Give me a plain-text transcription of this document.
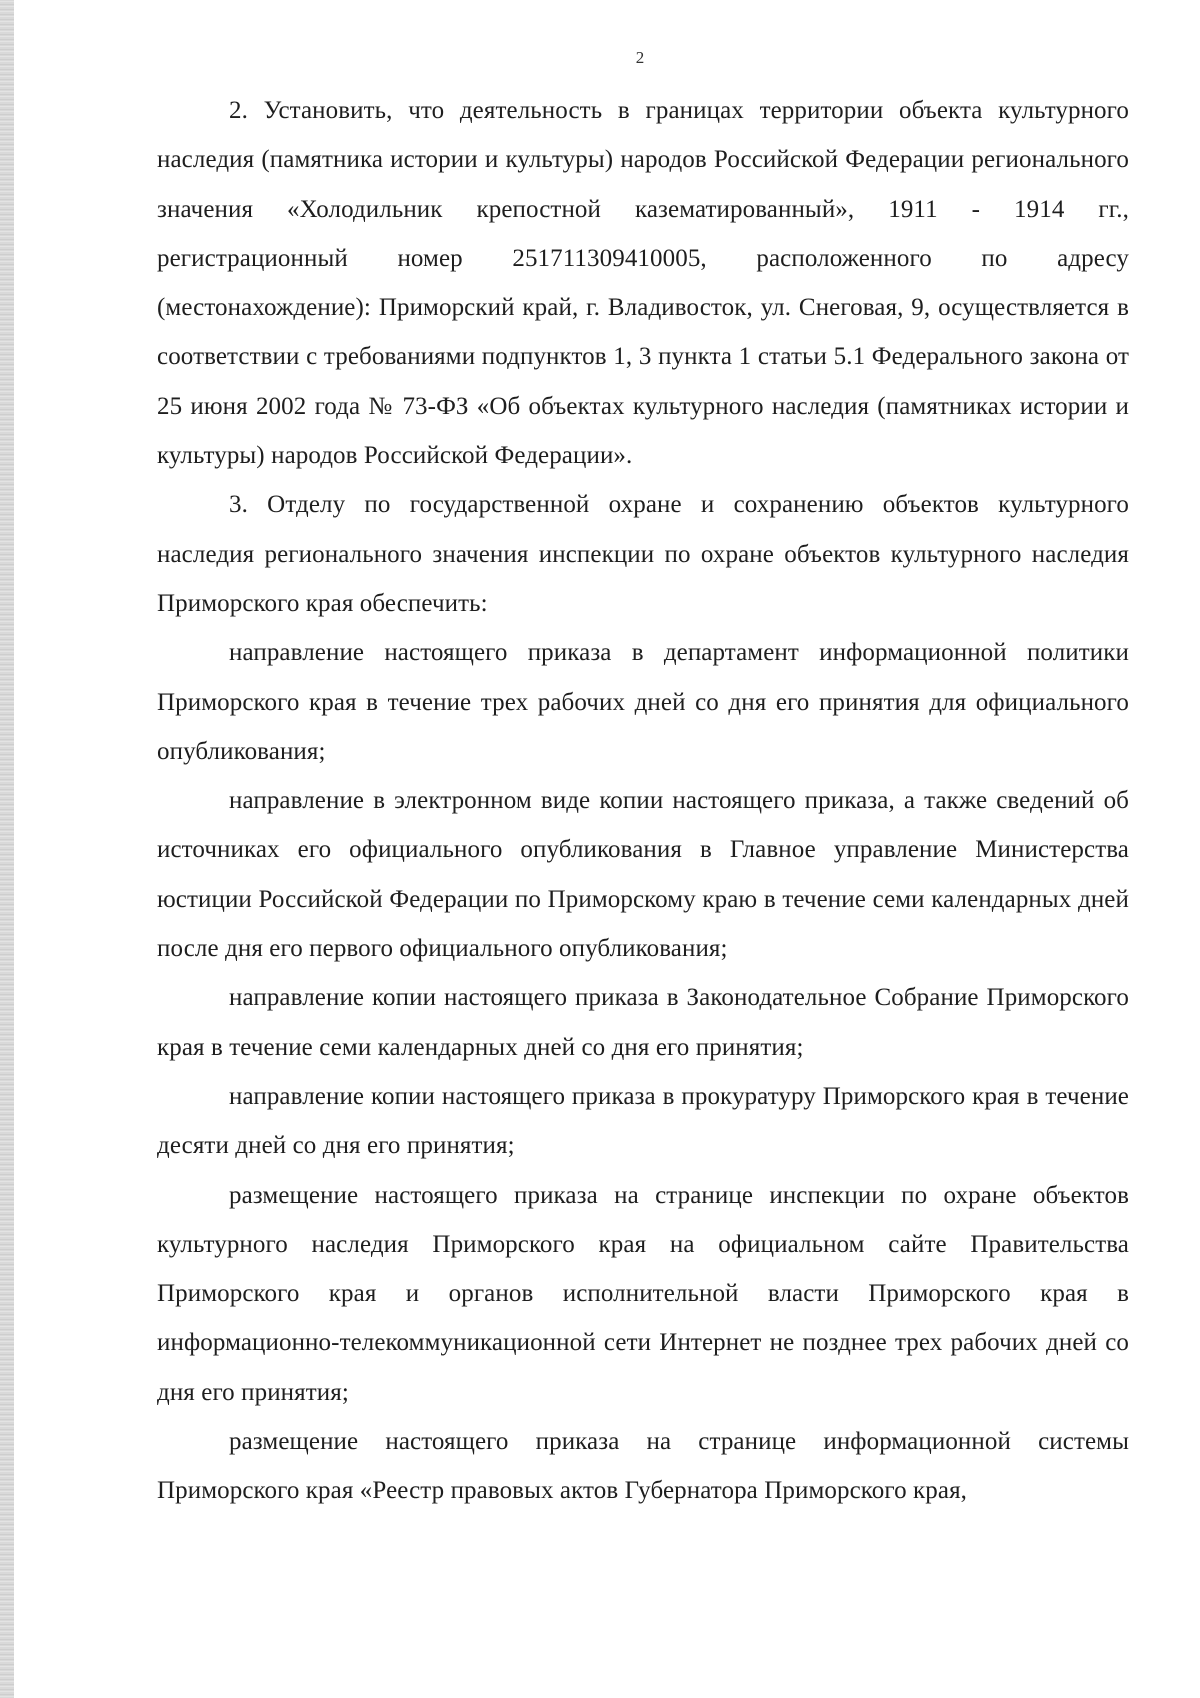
2

2. Установить, что деятельность в границах территории объекта культурного наследия (памятника истории и культуры) народов Российской Федерации регионального значения «Холодильник крепостной казематированный», 1911 - 1914 гг., регистрационный номер 251711309410005, расположенного по адресу (местонахождение): Приморский край, г. Владивосток, ул. Снеговая, 9, осуществляется в соответствии с требованиями подпунктов 1, 3 пункта 1 статьи 5.1 Федерального закона от 25 июня 2002 года № 73-ФЗ «Об объектах культурного наследия (памятниках истории и культуры) народов Российской Федерации».

3. Отделу по государственной охране и сохранению объектов культурного наследия регионального значения инспекции по охране объектов культурного наследия Приморского края обеспечить:

направление настоящего приказа в департамент информационной политики Приморского края в течение трех рабочих дней со дня его принятия для официального опубликования;

направление в электронном виде копии настоящего приказа, а также сведений об источниках его официального опубликования в Главное управление Министерства юстиции Российской Федерации по Приморскому краю в течение семи календарных дней после дня его первого официального опубликования;

направление копии настоящего приказа в Законодательное Собрание Приморского края в течение семи календарных дней со дня его принятия;

направление копии настоящего приказа в прокуратуру Приморского края в течение десяти дней со дня его принятия;

размещение настоящего приказа на странице инспекции по охране объектов культурного наследия Приморского края на официальном сайте Правительства Приморского края и органов исполнительной власти Приморского края в информационно-телекоммуникационной сети Интернет не позднее трех рабочих дней со дня его принятия;

размещение настоящего приказа на странице информационной системы Приморского края «Реестр правовых актов Губернатора Приморского края,
